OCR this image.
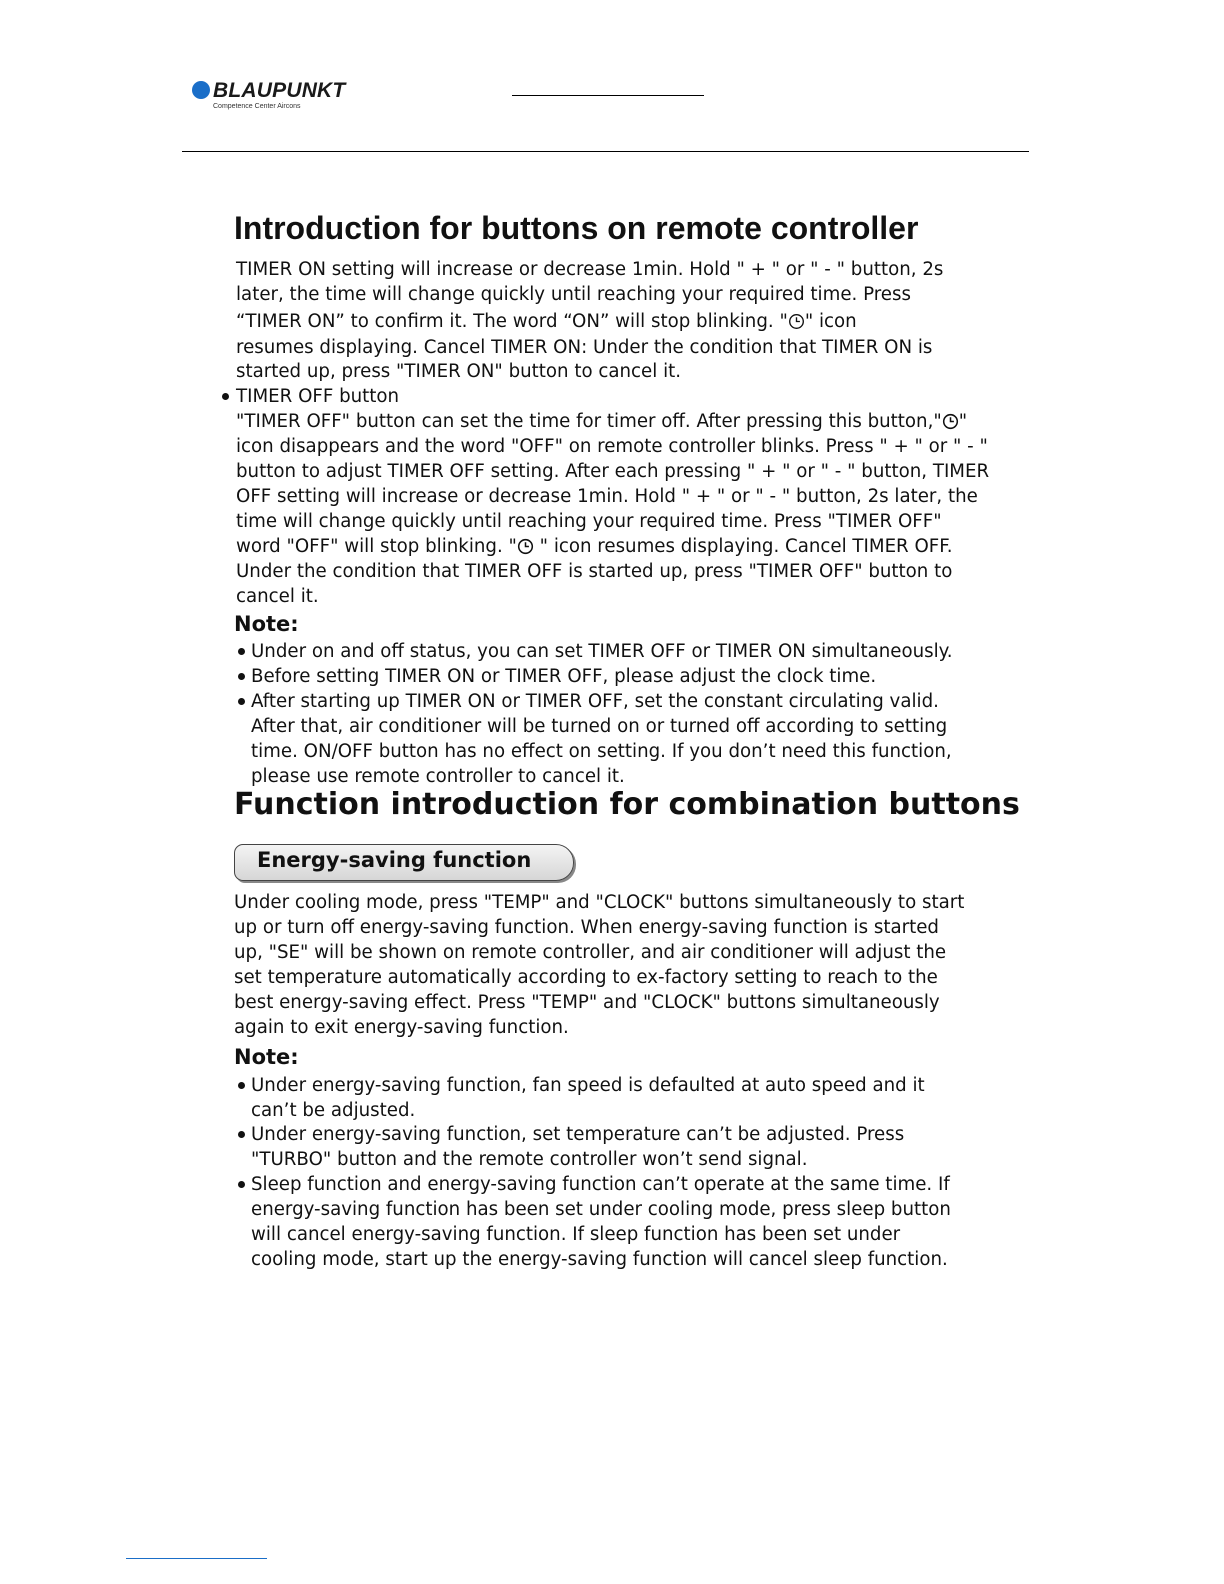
BLAUPUNKT
Competence Center Aircons
Introduction for buttons on remote controller
TIMER ON setting will increase or decrease 1min. Hold " + " or " - " button, 2s
later, the time will change quickly until reaching your required time. Press
“TIMER ON” to confirm it. The word “ON” will stop blinking. " " icon
resumes displaying. Cancel TIMER ON: Under the condition that TIMER ON is
started up, press "TIMER ON" button to cancel it.
TIMER OFF button
"TIMER OFF" button can set the time for timer off. After pressing this button," "
icon disappears and the word "OFF" on remote controller blinks. Press " + " or " - "
button to adjust TIMER OFF setting. After each pressing " + " or " - " button, TIMER
OFF setting will increase or decrease 1min. Hold " + " or " - " button, 2s later, the
time will change quickly until reaching your required time. Press "TIMER OFF"
word "OFF" will stop blinking. " " icon resumes displaying. Cancel TIMER OFF.
Under the condition that TIMER OFF is started up, press "TIMER OFF" button to
cancel it.
Note:
Under on and off status, you can set TIMER OFF or TIMER ON simultaneously.
Before setting TIMER ON or TIMER OFF, please adjust the clock time.
After starting up TIMER ON or TIMER OFF, set the constant circulating valid.
After that, air conditioner will be turned on or turned off according to setting
time. ON/OFF button has no effect on setting. If you don’t need this function,
please use remote controller to cancel it.
Function introduction for combination buttons
Energy-saving function
Under cooling mode, press "TEMP" and "CLOCK" buttons simultaneously to start
up or turn off energy-saving function. When energy-saving function is started
up, "SE" will be shown on remote controller, and air conditioner will adjust the
set temperature automatically according to ex-factory setting to reach to the
best energy-saving effect. Press "TEMP" and "CLOCK" buttons simultaneously
again to exit energy-saving function.
Note:
Under energy-saving function, fan speed is defaulted at auto speed and it
can’t be adjusted.
Under energy-saving function, set temperature can’t be adjusted. Press
"TURBO" button and the remote controller won’t send signal.
Sleep function and energy-saving function can’t operate at the same time. If
energy-saving function has been set under cooling mode, press sleep button
will cancel energy-saving function. If sleep function has been set under
cooling mode, start up the energy-saving function will cancel sleep function.
